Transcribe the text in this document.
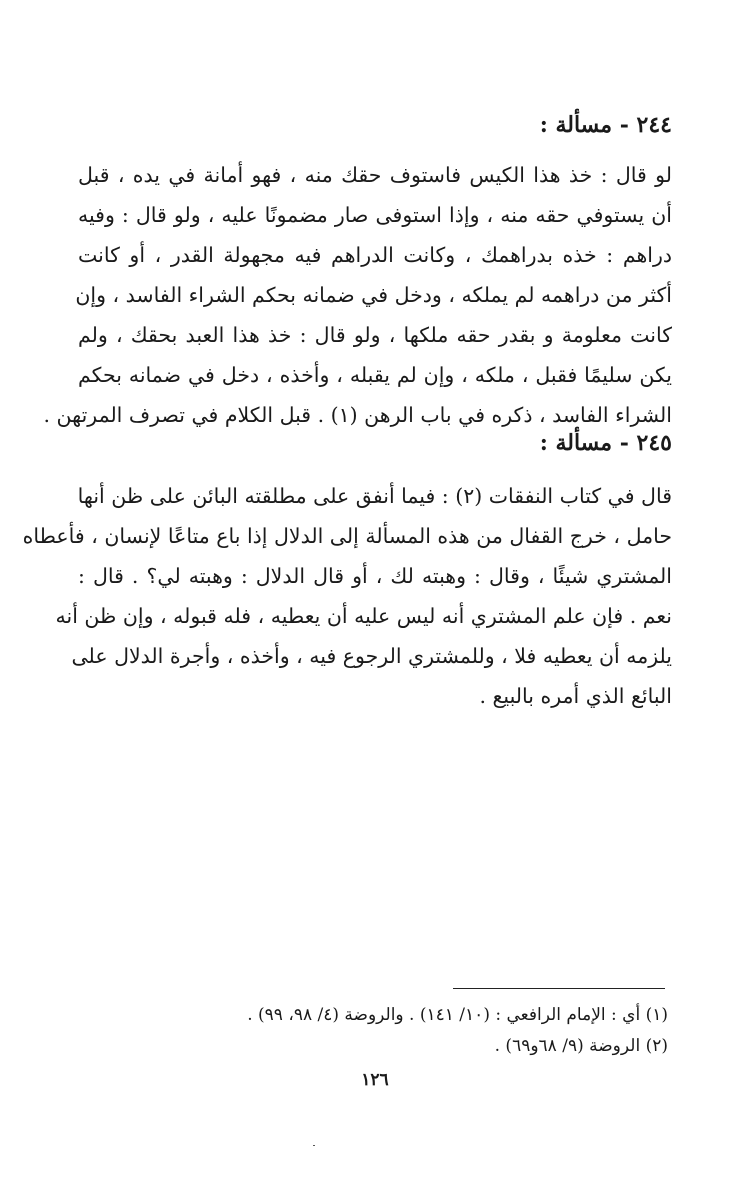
٢٤٤ - مسألة :
لو قال : خذ هذا الكيس فاستوف حقك منه ، فهو أمانة في يده ، قبل
أن يستوفي حقه منه ، وإذا استوفى صار مضمونًا عليه ، ولو قال : وفيه
دراهم : خذه بدراهمك ، وكانت الدراهم فيه مجهولة القدر ، أو كانت
أكثر من دراهمه لم يملكه ، ودخل في ضمانه بحكم الشراء الفاسد ، وإن
كانت معلومة و بقدر حقه ملكها ، ولو قال : خذ هذا العبد بحقك ، ولم
يكن سليمًا فقبل ، ملكه ، وإن لم يقبله ، وأخذه ، دخل في ضمانه بحكم
الشراء الفاسد ، ذكره في باب الرهن (١) . قبل الكلام في تصرف المرتهن .
٢٤٥ - مسألة :
قال في كتاب النفقات (٢) : فيما أنفق على مطلقته البائن على ظن أنها
حامل ، خرج القفال من هذه المسألة إلى الدلال إذا باع متاعًا لإنسان ، فأعطاه
المشتري شيئًا ، وقال : وهبته لك ، أو قال الدلال : وهبته لي؟ . قال :
نعم . فإن علم المشتري أنه ليس عليه أن يعطيه ، فله قبوله ، وإن ظن أنه
يلزمه أن يعطيه فلا ، وللمشتري الرجوع فيه ، وأخذه ، وأجرة الدلال على
البائع الذي أمره بالبيع .
(١) أي : الإمام الرافعي : (١٠/ ١٤١) . والروضة (٤/ ٩٨، ٩٩) .
(٢) الروضة (٩/ ٦٨و٦٩) .
١٢٦
